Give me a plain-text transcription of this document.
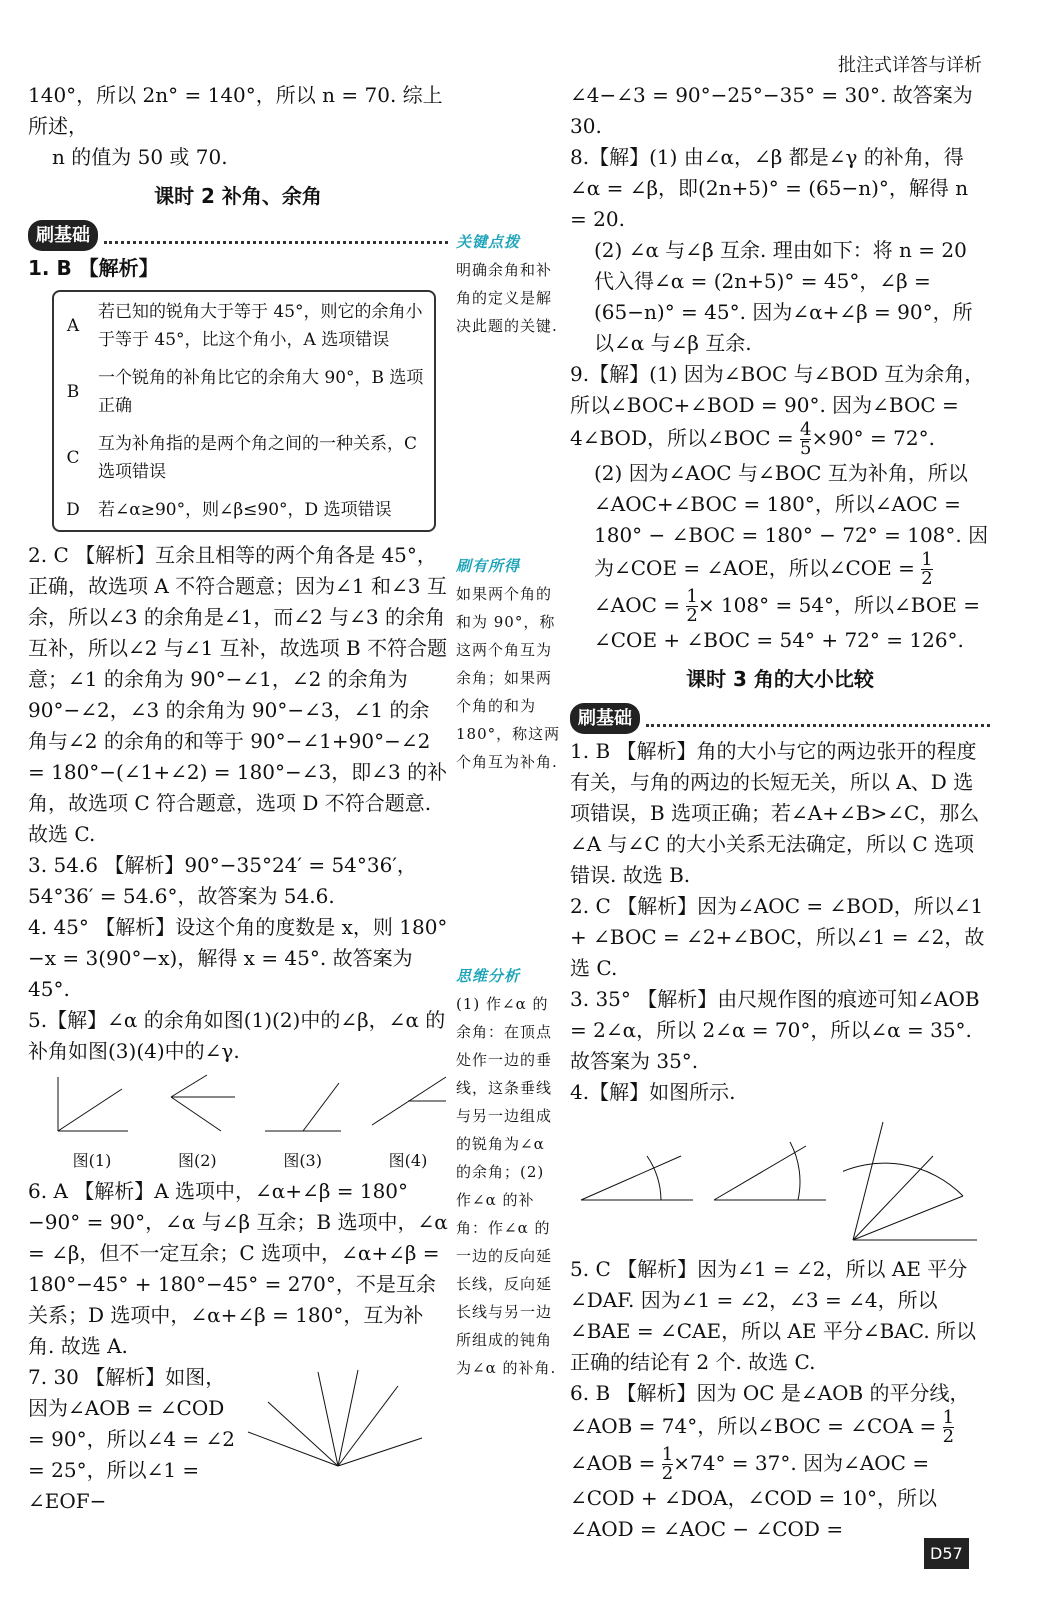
批注式详答与详析

140°，所以 2n° = 140°，所以 n = 70. 综上所述，

n 的值为 50 或 70.

课时 2 补角、余角

刷基础

1. B 【解析】

A	若已知的锐角大于等于 45°，则它的余角小于等于 45°，比这个角小，A 选项错误
B	一个锐角的补角比它的余角大 90°，B 选项正确
C	互为补角指的是两个角之间的一种关系，C 选项错误
D	若∠α≥90°，则∠β≤90°，D 选项错误

2. C 【解析】互余且相等的两个角各是 45°，正确，故选项 A 不符合题意；因为∠1 和∠3 互余，所以∠3 的余角是∠1，而∠2 与∠3 的余角互补，所以∠2 与∠1 互补，故选项 B 不符合题意；∠1 的余角为 90°−∠1，∠2 的余角为 90°−∠2，∠3 的余角为 90°−∠3，∠1 的余角与∠2 的余角的和等于 90°−∠1+90°−∠2 = 180°−(∠1+∠2) = 180°−∠3，即∠3 的补角，故选项 C 符合题意，选项 D 不符合题意. 故选 C.

3. 54.6 【解析】90°−35°24′ = 54°36′，54°36′ = 54.6°，故答案为 54.6.

4. 45° 【解析】设这个角的度数是 x，则 180°−x = 3(90°−x)，解得 x = 45°. 故答案为 45°.

5.【解】∠α 的余角如图(1)(2)中的∠β，∠α 的补角如图(3)(4)中的∠γ.

图(1)	图(2)	图(3)	图(4)

6. A 【解析】A 选项中，∠α+∠β = 180°−90° = 90°，∠α 与∠β 互余；B 选项中，∠α = ∠β，但不一定互余；C 选项中，∠α+∠β = 180°−45° + 180°−45° = 270°，不是互余关系；D 选项中，∠α+∠β = 180°，互为补角. 故选 A.

7. 30 【解析】如图，因为∠AOB = ∠COD = 90°，所以∠4 = ∠2 = 25°，所以∠1 = ∠EOF−

关键点拨
明确余角和补角的定义是解决此题的关键.
刷有所得
如果两个角的和为 90°，称这两个角互为余角；如果两个角的和为 180°，称这两个角互为补角.
思维分析
(1) 作∠α 的余角：在顶点处作一边的垂线，这条垂线与另一边组成的锐角为∠α 的余角；(2) 作∠α 的补角：作∠α 的一边的反向延长线，反向延长线与另一边所组成的钝角为∠α 的补角.

∠4−∠3 = 90°−25°−35° = 30°. 故答案为 30.

8.【解】(1) 由∠α，∠β 都是∠γ 的补角，得∠α = ∠β，即(2n+5)° = (65−n)°，解得 n = 20.

(2) ∠α 与∠β 互余. 理由如下：将 n = 20 代入得∠α = (2n+5)° = 45°，∠β = (65−n)° = 45°. 因为∠α+∠β = 90°，所以∠α 与∠β 互余.

9.【解】(1) 因为∠BOC 与∠BOD 互为余角，所以∠BOC+∠BOD = 90°. 因为∠BOC = 4∠BOD，所以∠BOC = $\frac{4}{5} \times 90^\circ = 72^\circ$.

(2) 因为∠AOC 与∠BOC 互为补角，所以∠AOC+∠BOC = 180°，所以∠AOC = 180° − ∠BOC = 180° − 72° = 108°. 因为∠COE = ∠AOE，所以∠COE = $\frac{1}{2}$
∠AOC = $\frac{1}{2} \times 108^\circ = 54^\circ$，所以∠BOE = ∠COE + ∠BOC = 54° + 72° = 126°.

课时 3 角的大小比较

刷基础

1. B 【解析】角的大小与它的两边张开的程度有关，与角的两边的长短无关，所以 A、D 选项错误，B 选项正确；若∠A+∠B>∠C，那么∠A 与∠C 的大小关系无法确定，所以 C 选项错误. 故选 B.

2. C 【解析】因为∠AOC = ∠BOD，所以∠1 + ∠BOC = ∠2+∠BOC，所以∠1 = ∠2，故选 C.

3. 35° 【解析】由尺规作图的痕迹可知∠AOB = 2∠α，所以 2∠α = 70°，所以∠α = 35°. 故答案为 35°.

4.【解】如图所示.

5. C 【解析】因为∠1 = ∠2，所以 AE 平分∠DAF. 因为∠1 = ∠2，∠3 = ∠4，所以∠BAE = ∠CAE，所以 AE 平分∠BAC. 所以正确的结论有 2 个. 故选 C.

6. B 【解析】因为 OC 是∠AOB 的平分线，∠AOB = 74°，所以∠BOC = ∠COA = $\frac{1}{2}$
∠AOB = $\frac{1}{2} \times 74^\circ = 37^\circ$. 因为∠AOC = ∠COD + ∠DOA，∠COD = 10°，所以∠AOD = ∠AOC − ∠COD =

D57
